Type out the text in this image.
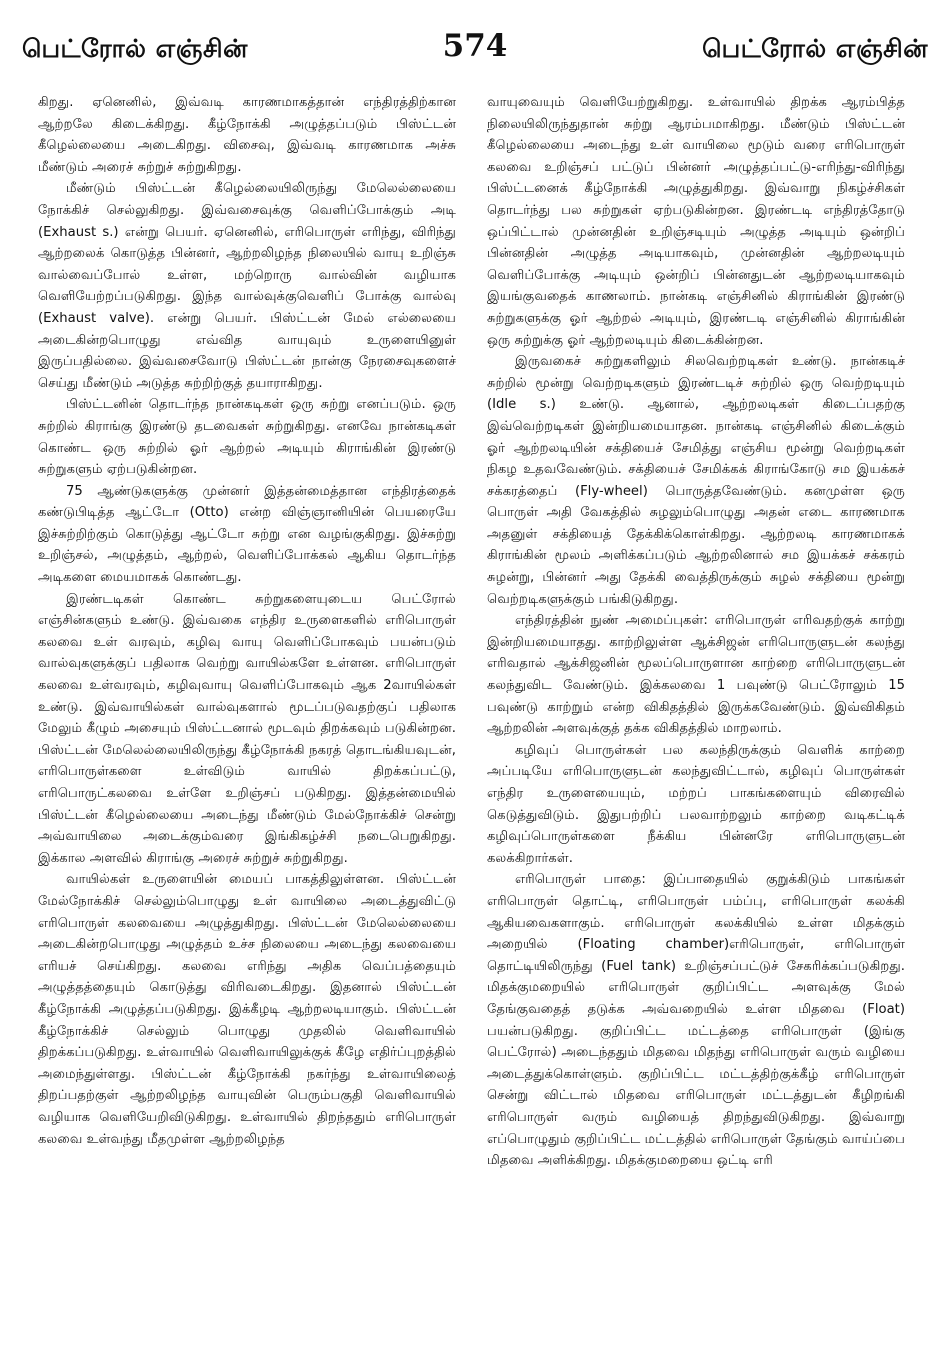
பெட்ரோல் எஞ்சின்	574	பெட்ரோல் எஞ்சின்

கிறது. ஏனெனில், இவ்வடி காரணமாகத்தான் எந்திரத்திற்கான ஆற்றலே கிடைக்கிறது. கீழ்நோக்கி அழுத்தப்படும் பிஸ்ட்டன் கீழெல்லையை அடைகிறது. விசைவு, இவ்வடி காரணமாக அச்சு மீண்டும் அரைச் சுற்றுச் சுற்றுகிறது.

மீண்டும் பிஸ்ட்டன் கீழெல்லையிலிருந்து மேலெல்லையை நோக்கிச் செல்லுகிறது. இவ்வசைவுக்கு வெளிப்போக்கும் அடி (Exhaust s.) என்று பெயர். ஏனெனில், எரிபொருள் எரிந்து, விரிந்து ஆற்றலைக் கொடுத்த பின்னர், ஆற்றலிழந்த நிலையில் வாயு உறிஞ்சு வால்வைப்போல் உள்ள, மற்றொரு வால்வின் வழியாக வெளியேற்றப்படுகிறது. இந்த வால்வுக்குவெளிப் போக்கு வால்வு (Exhaust valve). என்று பெயர். பிஸ்ட்டன் மேல் எல்லையை அடைகின்றபொழுது எவ்வித வாயுவும் உருளையினுள் இருப்பதில்லை. இவ்வசைவோடு பிஸ்ட்டன் நான்கு நேரசைவுகளைச் செய்து மீண்டும் அடுத்த சுற்றிற்குத் தயாராகிறது.

பிஸ்ட்டனின் தொடர்ந்த நான்கடிகள் ஒரு சுற்று எனப்படும். ஒரு சுற்றில் கிராங்கு இரண்டு தடவைகள் சுற்றுகிறது. எனவே நான்கடிகள் கொண்ட ஒரு சுற்றில் ஓர் ஆற்றல் அடியும் கிராங்கின் இரண்டு சுற்றுகளும் ஏற்படுகின்றன.

75 ஆண்டுகளுக்கு முன்னர் இத்தன்மைத்தான எந்திரத்தைக் கண்டுபிடித்த ஆட்டோ (Otto) என்ற விஞ்ஞானியின் பெயரையே இச்சுற்றிற்கும் கொடுத்து ஆட்டோ சுற்று என வழங்குகிறது. இச்சுற்று உறிஞ்சல், அழுத்தம், ஆற்றல், வெளிப்போக்கல் ஆகிய தொடர்ந்த அடிகளை மையமாகக் கொண்டது.

இரண்டடிகள் கொண்ட சுற்றுகளையுடைய பெட்ரோல் எஞ்சின்களும் உண்டு. இவ்வகை எந்திர உருளைகளில் எரிபொருள் கலவை உள் வரவும், கழிவு வாயு வெளிப்போகவும் பயன்படும் வால்வுகளுக்குப் பதிலாக வெற்று வாயில்களே உள்ளன. எரிபொருள் கலவை உள்வரவும், கழிவுவாயு வெளிப்போகவும் ஆக 2வாயில்கள் உண்டு. இவ்வாயில்கள் வால்வுகளால் மூடப்படுவதற்குப் பதிலாக மேலும் கீழும் அசையும் பிஸ்ட்டனால் மூடவும் திறக்கவும் படுகின்றன. பிஸ்ட்டன் மேலெல்லையிலிருந்து கீழ்நோக்கி நகரத் தொடங்கியவுடன், எரிபொருள்களை உள்விடும் வாயில் திறக்கப்பட்டு, எரிபொருட்கலவை உள்ளே உறிஞ்சப் படுகிறது. இத்தன்மையில் பிஸ்ட்டன் கீழெல்லையை அடைந்து மீண்டும் மேல்நோக்கிச் சென்று அவ்வாயிலை அடைக்கும்வரை இங்கிகழ்ச்சி நடைபெறுகிறது. இக்கால அளவில் கிராங்கு அரைச் சுற்றுச் சுற்றுகிறது.

வாயில்கள் உருளையின் மையப் பாகத்திலுள்ளன. பிஸ்ட்டன் மேல்நோக்கிச் செல்லும்பொழுது உள் வாயிலை அடைத்துவிட்டு எரிபொருள் கலவையை அழுத்துகிறது. பிஸ்ட்டன் மேலெல்லையை அடைகின்றபொழுது அழுத்தம் உச்ச நிலையை அடைந்து கலவையை எரியச் செய்கிறது. கலவை எரிந்து அதிக வெப்பத்தையும் அழுத்தத்தையும் கொடுத்து விரிவடைகிறது. இதனால் பிஸ்ட்டன் கீழ்நோக்கி அழுத்தப்படுகிறது. இக்கீழடி ஆற்றலடியாகும். பிஸ்ட்டன் கீழ்நோக்கிச் செல்லும் பொழுது முதலில் வெளிவாயில் திறக்கப்படுகிறது. உள்வாயில் வெளிவாயிலுக்குக் கீழே எதிர்ப்புறத்தில் அமைந்துள்ளது. பிஸ்ட்டன் கீழ்நோக்கி நகர்ந்து உள்வாயிலைத் திறப்பதற்குள் ஆற்றலிழந்த வாயுவின் பெரும்பகுதி வெளிவாயில் வழியாக வெளியேறிவிடுகிறது. உள்வாயில் திறந்ததும் எரிபொருள் கலவை உள்வந்து மீதமுள்ள ஆற்றலிழந்த

வாயுவையும் வெளியேற்றுகிறது. உள்வாயில் திறக்க ஆரம்பித்த நிலையிலிருந்துதான் சுற்று ஆரம்பமாகிறது. மீண்டும் பிஸ்ட்டன் கீழெல்லையை அடைந்து உள் வாயிலை மூடும் வரை எரிபொருள் கலவை உறிஞ்சப் பட்டுப் பின்னர் அழுத்தப்பட்டு-எரிந்து-விரிந்து பிஸ்ட்டனைக் கீழ்நோக்கி அழுத்துகிறது. இவ்வாறு நிகழ்ச்சிகள் தொடர்ந்து பல சுற்றுகள் ஏற்படுகின்றன. இரண்டடி எந்திரத்தோடு ஒப்பிட்டால் முன்னதின் உறிஞ்சடியும் அழுத்த அடியும் ஒன்றிப் பின்னதின் அழுத்த அடியாகவும், முன்னதின் ஆற்றலடியும் வெளிப்போக்கு அடியும் ஒன்றிப் பின்னதுடன் ஆற்றலடியாகவும் இயங்குவதைக் காணலாம். நான்கடி எஞ்சினில் கிராங்கின் இரண்டு சுற்றுகளுக்கு ஓர் ஆற்றல் அடியும், இரண்டடி எஞ்சினில் கிராங்கின் ஒரு சுற்றுக்கு ஓர் ஆற்றலடியும் கிடைக்கின்றன.

இருவகைச் சுற்றுகளிலும் சிலவெற்றடிகள் உண்டு. நான்கடிச் சுற்றில் மூன்று வெற்றடிகளும் இரண்டடிச் சுற்றில் ஒரு வெற்றடியும் (Idle s.) உண்டு. ஆனால், ஆற்றலடிகள் கிடைப்பதற்கு இவ்வெற்றடிகள் இன்றியமையாதன. நான்கடி எஞ்சினில் கிடைக்கும் ஓர் ஆற்றலடியின் சக்தியைச் சேமித்து எஞ்சிய மூன்று வெற்றடிகள் நிகழ உதவவேண்டும். சக்தியைச் சேமிக்கக் கிராங்கோடு சம இயக்கச் சக்கரத்தைப் (Fly-wheel) பொருத்தவேண்டும். கனமுள்ள ஒரு பொருள் அதி வேகத்தில் சுழலும்பொழுது அதன் எடை காரணமாக அதனுள் சக்தியைத் தேக்கிக்கொள்கிறது. ஆற்றலடி காரணமாகக் கிராங்கின் மூலம் அளிக்கப்படும் ஆற்றலினால் சம இயக்கச் சக்கரம் சுழன்று, பின்னர் அது தேக்கி வைத்திருக்கும் சுழல் சக்தியை மூன்று வெற்றடிகளுக்கும் பங்கிடுகிறது.

எந்திரத்தின் நுண் அமைப்புகள்: எரிபொருள் எரிவதற்குக் காற்று இன்றியமையாதது. காற்றிலுள்ள ஆக்சிஜன் எரிபொருளுடன் கலந்து எரிவதால் ஆக்சிஜனின் மூலப்பொருளான காற்றை எரிபொருளுடன் கலந்துவிட வேண்டும். இக்கலவை 1 பவுண்டு பெட்ரோலும் 15 பவுண்டு காற்றும் என்ற விகிதத்தில் இருக்கவேண்டும். இவ்விகிதம் ஆற்றலின் அளவுக்குத் தக்க விகிதத்தில் மாறலாம்.

கழிவுப் பொருள்கள் பல கலந்திருக்கும் வெளிக் காற்றை அப்படியே எரிபொருளுடன் கலந்துவிட்டால், கழிவுப் பொருள்கள் எந்திர உருளையையும், மற்றப் பாகங்களையும் விரைவில் கெடுத்துவிடும். இதுபற்றிப் பலவாற்றலும் காற்றை வடிகட்டிக் கழிவுப்பொருள்களை நீக்கிய பின்னரே எரிபொருளுடன் கலக்கிறார்கள்.

எரிபொருள் பாதை: இப்பாதையில் குறுக்கிடும் பாகங்கள் எரிபொருள் தொட்டி, எரிபொருள் பம்ப்பு, எரிபொருள் கலக்கி ஆகியவைகளாகும். எரிபொருள் கலக்கியில் உள்ள மிதக்கும் அறையில் (Floating chamber)எரிபொருள், எரிபொருள் தொட்டியிலிருந்து (Fuel tank) உறிஞ்சப்பட்டுச் சேகரிக்கப்படுகிறது. மிதக்குமறையில் எரிபொருள் குறிப்பிட்ட அளவுக்கு மேல் தேங்குவதைத் தடுக்க அவ்வறையில் உள்ள மிதவை (Float) பயன்படுகிறது. குறிப்பிட்ட மட்டத்தை எரிபொருள் (இங்கு பெட்ரோல்) அடைந்ததும் மிதவை மிதந்து எரிபொருள் வரும் வழியை அடைத்துக்கொள்ளும். குறிப்பிட்ட மட்டத்திற்குக்கீழ் எரிபொருள் சென்று விட்டால் மிதவை எரிபொருள் மட்டத்துடன் கீழிறங்கி எரிபொருள் வரும் வழியைத் திறந்துவிடுகிறது. இவ்வாறு எப்பொழுதும் குறிப்பிட்ட மட்டத்தில் எரிபொருள் தேங்கும் வாய்ப்பை மிதவை அளிக்கிறது. மிதக்குமறையை ஒட்டி எரி
